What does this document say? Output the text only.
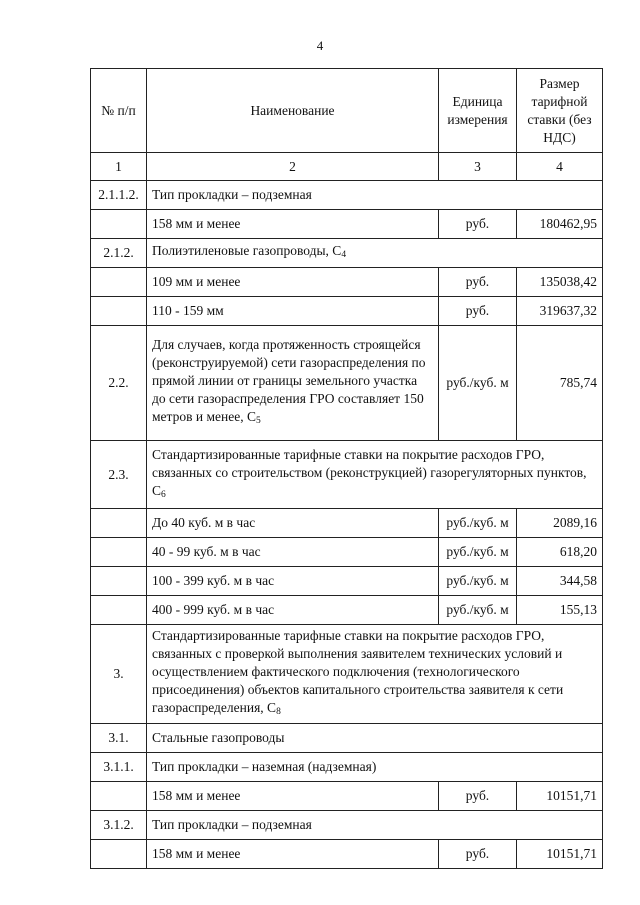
4
№ п/п	Наименование	Единица измерения	Размер тарифной ставки (без НДС)
1	2	3	4
2.1.1.2.	Тип прокладки – подземная		
	158 мм и менее	руб.	180462,95
2.1.2.	Полиэтиленовые газопроводы, $C_4$
	109 мм и менее	руб.	135038,42
	110 - 159 мм	руб.	319637,32
2.2.	Для случаев, когда протяженность строящейся (реконструируемой) сети газораспределения по прямой линии от границы земельного участка до сети газораспределения ГРО составляет 150 метров и менее, $C_5$	руб./куб. м	785,74
2.3.	Стандартизированные тарифные ставки на покрытие расходов ГРО, связанных со строительством (реконструкцией) газорегуляторных пунктов, $C_6$
	До 40 куб. м в час	руб./куб. м	2089,16
	40 - 99 куб. м в час	руб./куб. м	618,20
	100 - 399 куб. м в час	руб./куб. м	344,58
	400 - 999 куб. м в час	руб./куб. м	155,13
3.	Стандартизированные тарифные ставки на покрытие расходов ГРО, связанных с проверкой выполнения заявителем технических условий и осуществлением фактического подключения (технологического присоединения) объектов капитального строительства заявителя к сети газораспределения, $C_8$
3.1.	Стальные газопроводы		
3.1.1.	Тип прокладки – наземная (надземная)		
	158 мм и менее	руб.	10151,71
3.1.2.	Тип прокладки – подземная		
	158 мм и менее	руб.	10151,71
